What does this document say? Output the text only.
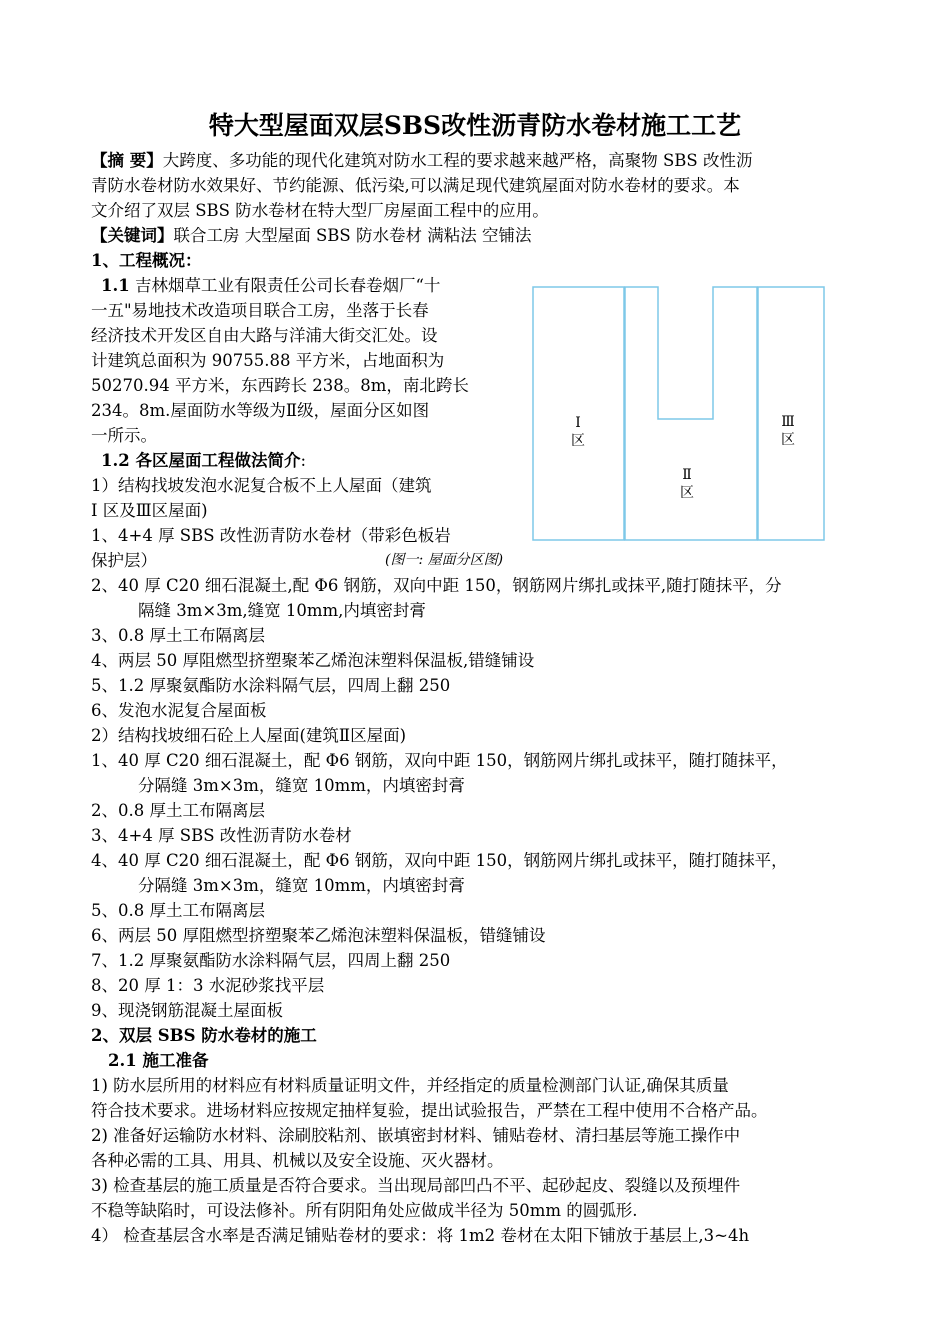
特大型屋面双层SBS改性沥青防水卷材施工工艺
【摘 要】大跨度、多功能的现代化建筑对防水工程的要求越来越严格，高聚物 SBS 改性沥
青防水卷材防水效果好、节约能源、低污染,可以满足现代建筑屋面对防水卷材的要求。本
文介绍了双层 SBS 防水卷材在特大型厂房屋面工程中的应用。
【关键词】联合工房 大型屋面 SBS 防水卷材 满粘法 空铺法
1、工程概况：
1.1 吉林烟草工业有限责任公司长春卷烟厂“十
一五"易地技术改造项目联合工房，坐落于长春
经济技术开发区自由大路与洋浦大街交汇处。设
计建筑总面积为 90755.88 平方米，占地面积为
50270.94 平方米，东西跨长 238。8m，南北跨长
234。8m.屋面防水等级为Ⅱ级，屋面分区如图
一所示。
1.2 各区屋面工程做法简介:
1）结构找坡发泡水泥复合板不上人屋面（建筑
Ⅰ 区及Ⅲ区屋面)
1、4+4 厚 SBS 改性沥青防水卷材（带彩色板岩
保护层）
2、40 厚 C20 细石混凝土,配 Φ6 钢筋，双向中距 150，钢筋网片绑扎或抹平,随打随抹平，分
隔缝 3m×3m,缝宽 10mm,内填密封膏
3、0.8 厚土工布隔离层
4、两层 50 厚阻燃型挤塑聚苯乙烯泡沫塑料保温板,错缝铺设
5、1.2 厚聚氨酯防水涂料隔气层，四周上翻 250
6、发泡水泥复合屋面板
2）结构找坡细石砼上人屋面(建筑Ⅱ区屋面)
1、40 厚 C20 细石混凝土，配 Φ6 钢筋，双向中距 150，钢筋网片绑扎或抹平，随打随抹平，
分隔缝 3m×3m，缝宽 10mm，内填密封膏
2、0.8 厚土工布隔离层
3、4+4 厚 SBS 改性沥青防水卷材
4、40 厚 C20 细石混凝土，配 Φ6 钢筋，双向中距 150，钢筋网片绑扎或抹平，随打随抹平，
分隔缝 3m×3m，缝宽 10mm，内填密封膏
5、0.8 厚土工布隔离层
6、两层 50 厚阻燃型挤塑聚苯乙烯泡沫塑料保温板，错缝铺设
7、1.2 厚聚氨酯防水涂料隔气层，四周上翻 250
8、20 厚 1：3 水泥砂浆找平层
9、现浇钢筋混凝土屋面板
2、双层 SBS 防水卷材的施工
2.1 施工准备
1) 防水层所用的材料应有材料质量证明文件，并经指定的质量检测部门认证,确保其质量
符合技术要求。进场材料应按规定抽样复验，提出试验报告，严禁在工程中使用不合格产品。
2) 准备好运输防水材料、涂刷胶粘剂、嵌填密封材料、铺贴卷材、清扫基层等施工操作中
各种必需的工具、用具、机械以及安全设施、灭火器材。
3) 检查基层的施工质量是否符合要求。当出现局部凹凸不平、起砂起皮、裂缝以及预埋件
不稳等缺陷时，可设法修补。所有阴阳角处应做成半径为 50mm 的圆弧形.
4） 检查基层含水率是否满足铺贴卷材的要求：将 1m2 卷材在太阳下铺放于基层上,3~4h
Ⅰ
区
Ⅱ
区
Ⅲ
区
(图一: 屋面分区图)
